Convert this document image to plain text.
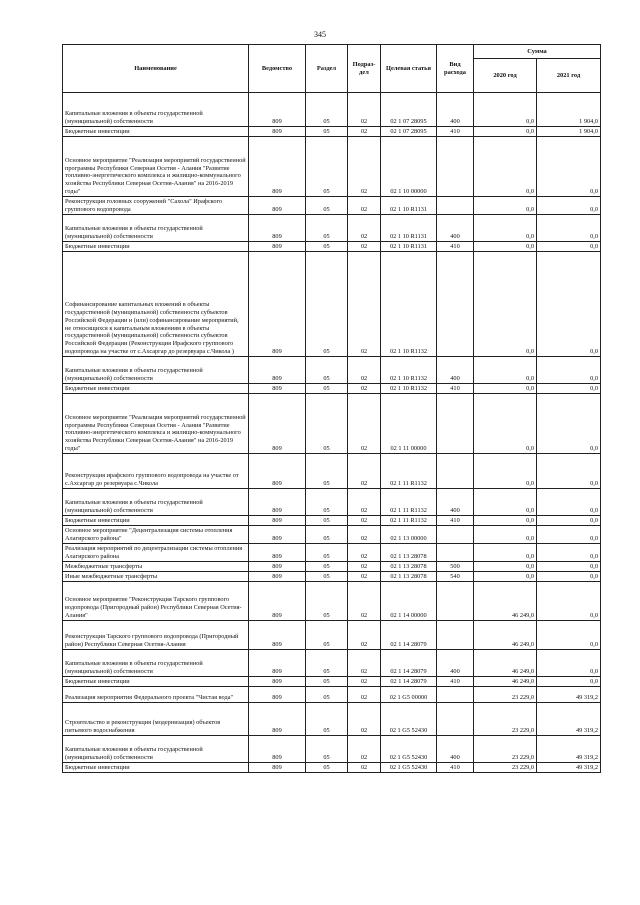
345
Наименование	Ведомство	Раздел	Подраз-дел	Целевая статья	Вид расхода	Сумма	
						2020 год	2021 год
Капитальные вложения в объекты государственной (муниципальной) собственности	809	05	02	02 1 07 28095	400	0,0	1 904,0
Бюджетные инвестиции	809	05	02	02 1 07 28095	410	0,0	1 904,0
Основное мероприятие "Реализация мероприятий государственной программы Республики Северная Осетия - Алания "Развитие топливно-энергетического комплекса и жилищно-коммунального хозяйства Республики Северная Осетия-Алания" на 2016-2019 годы"	809	05	02	02 1 10 00000		0,0	0,0
Реконструкция головных сооружений "Сахола" Ирафского группового водопровода	809	05	02	02 1 10 R1131		0,0	0,0
Капитальные вложения в объекты государственной (муниципальной) собственности	809	05	02	02 1 10 R1131	400	0,0	0,0
Бюджетные инвестиции	809	05	02	02 1 10 R1131	410	0,0	0,0
Софинансирование капитальных вложений в объекты государственной (муниципальной) собственности субъектов Российской Федерации и (или) софинансирование мероприятий, не относящихся к капитальным вложениям в объекты государственной (муниципальной) собственности субъектов Российской Федерации (Реконструкция Ирафского группового водопровода на участке от с.Ахсаргар до резервуара с.Чикола )	809	05	02	02 1 10 R1132		0,0	0,0
Капитальные вложения в объекты государственной (муниципальной) собственности	809	05	02	02 1 10 R1132	400	0,0	0,0
Бюджетные инвестиции	809	05	02	02 1 10 R1132	410	0,0	0,0
Основное мероприятие "Реализация мероприятий государственной программы Республики Северная Осетия - Алания "Развитие топливно-энергетического комплекса и жилищно-коммунального хозяйства Республики Северная Осетия-Алания" на 2016-2019 годы"	809	05	02	02 1 11 00000		0,0	0,0
Реконструкция ирафского группового водопровода на участке от с.Ахсаргар до резервуара с.Чикола	809	05	02	02 1 11 R1132		0,0	0,0
Капитальные вложения в объекты государственной (муниципальной) собственности	809	05	02	02 1 11 R1132	400	0,0	0,0
Бюджетные инвестиции	809	05	02	02 1 11 R1132	410	0,0	0,0
Основное мероприятие "Децентрализация системы отопления Алагирского района"	809	05	02	02 1 13 00000		0,0	0,0
Реализация мероприятий по децентрализации системы отопления Алагирского района	809	05	02	02 1 13 28078		0,0	0,0
Межбюджетные трансферты	809	05	02	02 1 13 28078	500	0,0	0,0
Иные межбюджетные трансферты	809	05	02	02 1 13 28078	540	0,0	0,0
Основное мероприятие "Реконструкция Тарского группового водопровода (Пригородный район) Республики Северная Осетия-Алания"	809	05	02	02 1 14 00000		46 249,0	0,0
Реконструкция Тарского группового водопровода (Пригородный район) Республики Северная Осетия-Алания	809	05	02	02 1 14 28079		46 249,0	0,0
Капитальные вложения в объекты государственной (муниципальной) собственности	809	05	02	02 1 14 28079	400	46 249,0	0,0
Бюджетные инвестиции	809	05	02	02 1 14 28079	410	46 249,0	0,0
Реализация мероприятия Федерального проекта "Чистая вода"	809	05	02	02 1 G5 00000		23 229,0	49 319,2
Строительство и реконструкция (модернизация) объектов питьевого водоснабжения	809	05	02	02 1 G5 52430		23 229,0	49 319,2
Капитальные вложения в объекты государственной (муниципальной) собственности	809	05	02	02 1 G5 52430	400	23 229,0	49 319,2
Бюджетные инвестиции	809	05	02	02 1 G5 52430	410	23 229,0	49 319,2
